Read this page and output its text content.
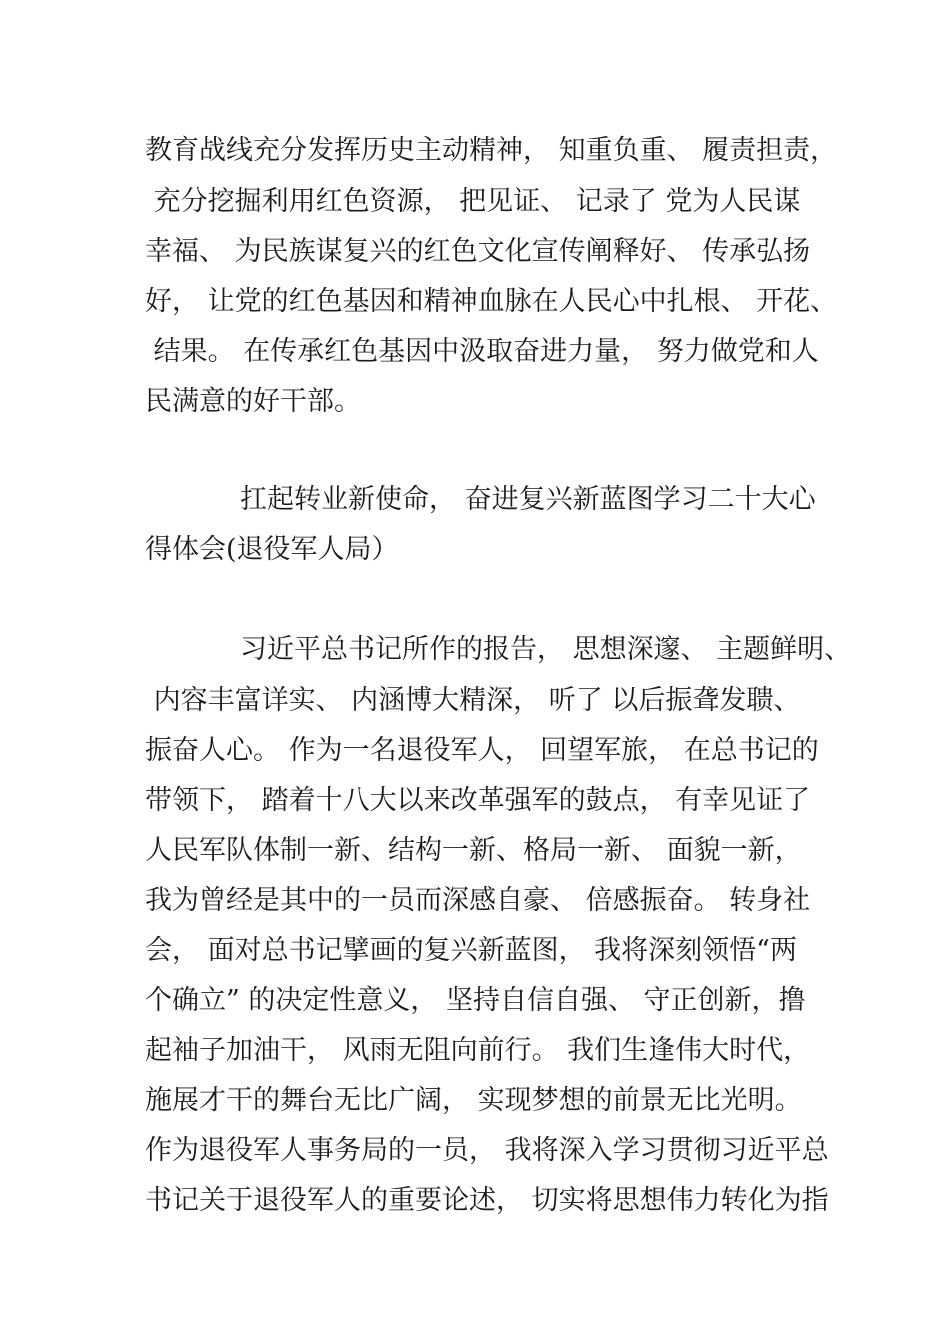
教育战线充分发挥历史主动精神， 知重负重、 履责担责，
充分挖掘利用红色资源， 把见证、 记录了 党为人民谋
幸福、 为民族谋复兴的红色文化宣传阐释好、 传承弘扬
好， 让党的红色基因和精神血脉在人民心中扎根、 开花、
结果。 在传承红色基因中汲取奋进力量， 努力做党和人
民满意的好干部。
扛起转业新使命， 奋进复兴新蓝图学习二十大心
得体会(退役军人局）
习近平总书记所作的报告， 思想深邃、 主题鲜明、
内容丰富详实、 内涵博大精深， 听了 以后振聋发聩、
振奋人心。 作为一名退役军人， 回望军旅， 在总书记的
带领下， 踏着十八大以来改革强军的鼓点， 有幸见证了
人民军队体制一新、结构一新、格局一新、 面貌一新，
我为曾经是其中的一员而深感自豪、 倍感振奋。 转身社
会， 面对总书记擘画的复兴新蓝图， 我将深刻领悟“两
个确立” 的决定性意义， 坚持自信自强、 守正创新，撸
起袖子加油干， 风雨无阻向前行。 我们生逢伟大时代，
施展才干的舞台无比广阔， 实现梦想的前景无比光明。
作为退役军人事务局的一员， 我将深入学习贯彻习近平总
书记关于退役军人的重要论述， 切实将思想伟力转化为指
